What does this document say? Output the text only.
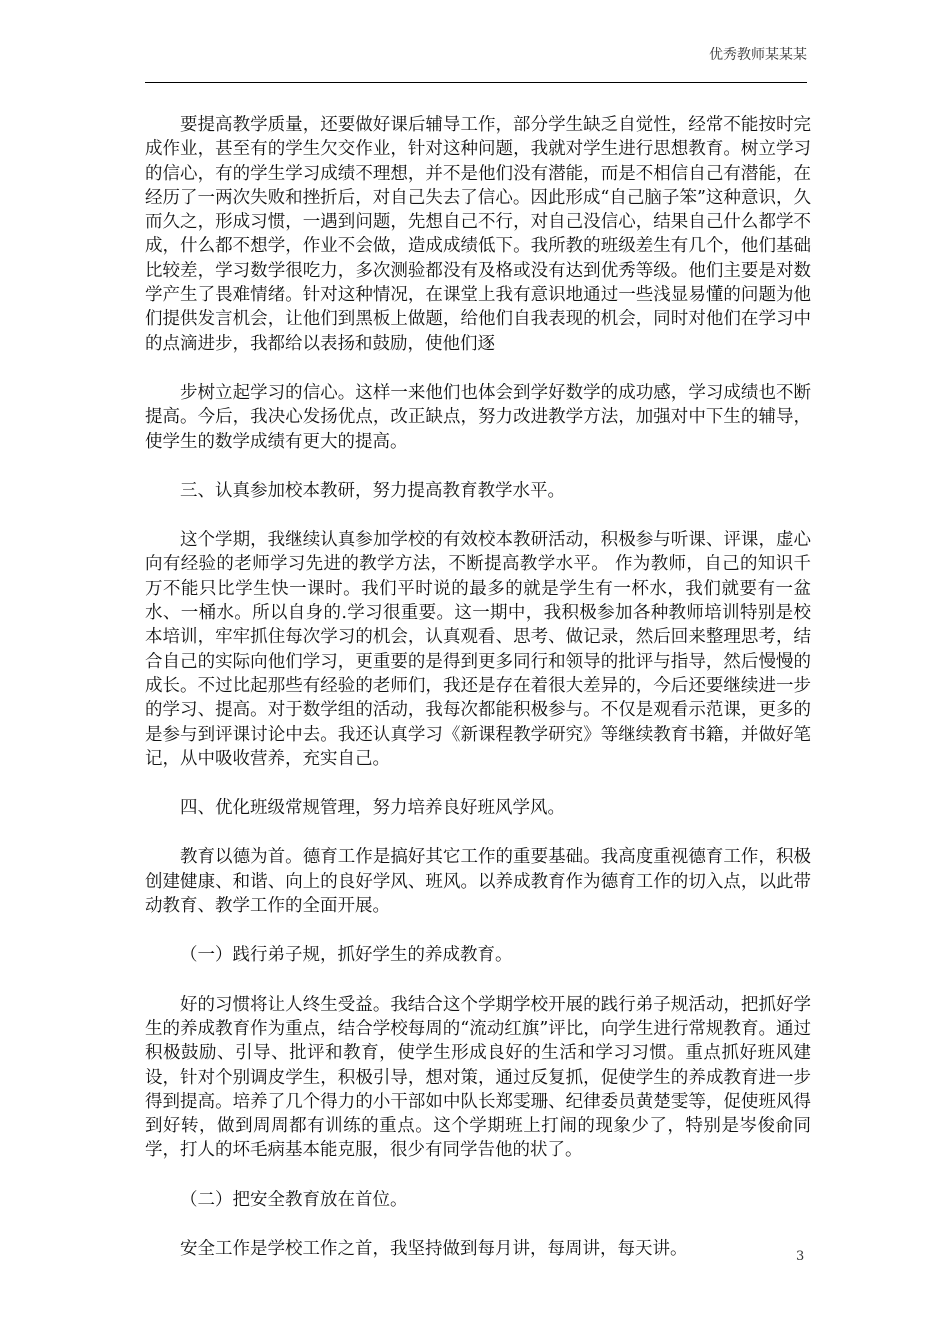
优秀教师某某某

要提高教学质量，还要做好课后辅导工作，部分学生缺乏自觉性，经常不能按时完成作业，甚至有的学生欠交作业，针对这种问题，我就对学生进行思想教育。树立学习的信心，有的学生学习成绩不理想，并不是他们没有潜能，而是不相信自己有潜能，在经历了一两次失败和挫折后，对自己失去了信心。因此形成“自己脑子笨”这种意识，久而久之，形成习惯，一遇到问题，先想自己不行，对自己没信心，结果自己什么都学不成，什么都不想学，作业不会做，造成成绩低下。我所教的班级差生有几个，他们基础比较差，学习数学很吃力，多次测验都没有及格或没有达到优秀等级。他们主要是对数学产生了畏难情绪。针对这种情况，在课堂上我有意识地通过一些浅显易懂的问题为他们提供发言机会，让他们到黑板上做题，给他们自我表现的机会，同时对他们在学习中的点滴进步，我都给以表扬和鼓励，使他们逐

步树立起学习的信心。这样一来他们也体会到学好数学的成功感，学习成绩也不断提高。今后，我决心发扬优点，改正缺点，努力改进教学方法，加强对中下生的辅导，使学生的数学成绩有更大的提高。

三、认真参加校本教研，努力提高教育教学水平。

这个学期，我继续认真参加学校的有效校本教研活动，积极参与听课、评课，虚心向有经验的老师学习先进的教学方法，不断提高教学水平。 作为教师，自己的知识千万不能只比学生快一课时。我们平时说的最多的就是学生有一杯水，我们就要有一盆水、一桶水。所以自身的.学习很重要。这一期中，我积极参加各种教师培训特别是校本培训，牢牢抓住每次学习的机会，认真观看、思考、做记录，然后回来整理思考，结合自己的实际向他们学习，更重要的是得到更多同行和领导的批评与指导，然后慢慢的成长。不过比起那些有经验的老师们，我还是存在着很大差异的，今后还要继续进一步的学习、提高。对于数学组的活动，我每次都能积极参与。不仅是观看示范课，更多的是参与到评课讨论中去。我还认真学习《新课程教学研究》等继续教育书籍，并做好笔记，从中吸收营养，充实自己。

四、优化班级常规管理，努力培养良好班风学风。

教育以德为首。德育工作是搞好其它工作的重要基础。我高度重视德育工作，积极创建健康、和谐、向上的良好学风、班风。以养成教育作为德育工作的切入点，以此带动教育、教学工作的全面开展。

（一）践行弟子规，抓好学生的养成教育。

好的习惯将让人终生受益。我结合这个学期学校开展的践行弟子规活动，把抓好学生的养成教育作为重点，结合学校每周的“流动红旗”评比，向学生进行常规教育。通过积极鼓励、引导、批评和教育，使学生形成良好的生活和学习习惯。重点抓好班风建设，针对个别调皮学生，积极引导，想对策，通过反复抓，促使学生的养成教育进一步得到提高。培养了几个得力的小干部如中队长郑雯珊、纪律委员黄楚雯等，促使班风得到好转，做到周周都有训练的重点。这个学期班上打闹的现象少了，特别是岑俊俞同学，打人的坏毛病基本能克服，很少有同学告他的状了。

（二）把安全教育放在首位。

安全工作是学校工作之首，我坚持做到每月讲，每周讲，每天讲。	3
